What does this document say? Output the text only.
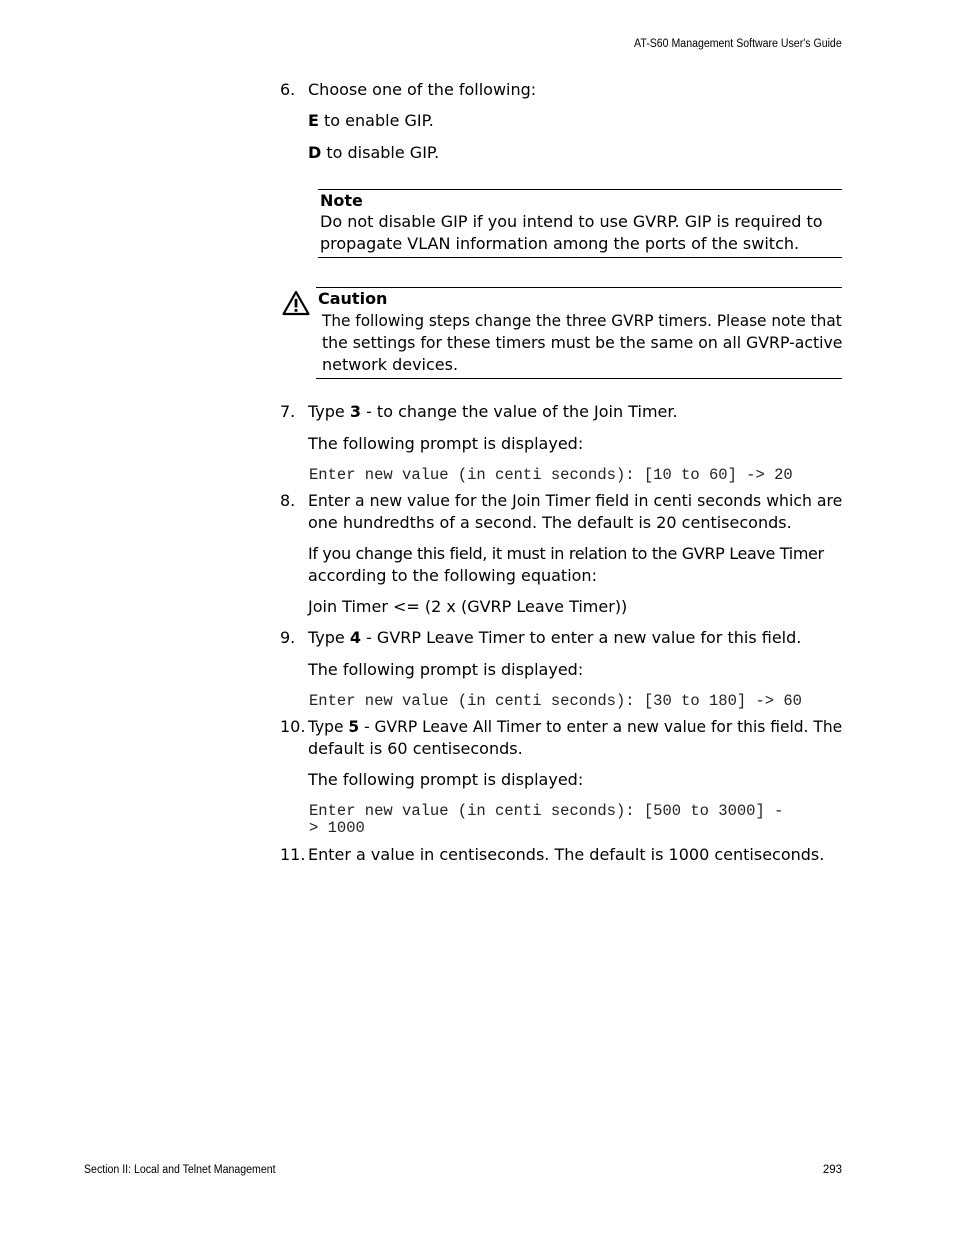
AT-S60 Management Software User's Guide
6. Choose one of the following:
E to enable GIP.
D to disable GIP.
Note
Do not disable GIP if you intend to use GVRP. GIP is required to
propagate VLAN information among the ports of the switch.
Caution
The following steps change the three GVRP timers. Please note that
the settings for these timers must be the same on all GVRP-active
network devices.
7. Type 3 - to change the value of the Join Timer.
The following prompt is displayed:
Enter new value (in centi seconds): [10 to 60] -> 20
8. Enter a new value for the Join Timer field in centi seconds which are
one hundredths of a second. The default is 20 centiseconds.
If you change this field, it must in relation to the GVRP Leave Timer
according to the following equation:
Join Timer <= (2 x (GVRP Leave Timer))
9. Type 4 - GVRP Leave Timer to enter a new value for this field.
The following prompt is displayed:
Enter new value (in centi seconds): [30 to 180] -> 60
10. Type 5 - GVRP Leave All Timer to enter a new value for this field. The
default is 60 centiseconds.
The following prompt is displayed:
Enter new value (in centi seconds): [500 to 3000] -
> 1000
11. Enter a value in centiseconds. The default is 1000 centiseconds.
Section II: Local and Telnet Management	293
